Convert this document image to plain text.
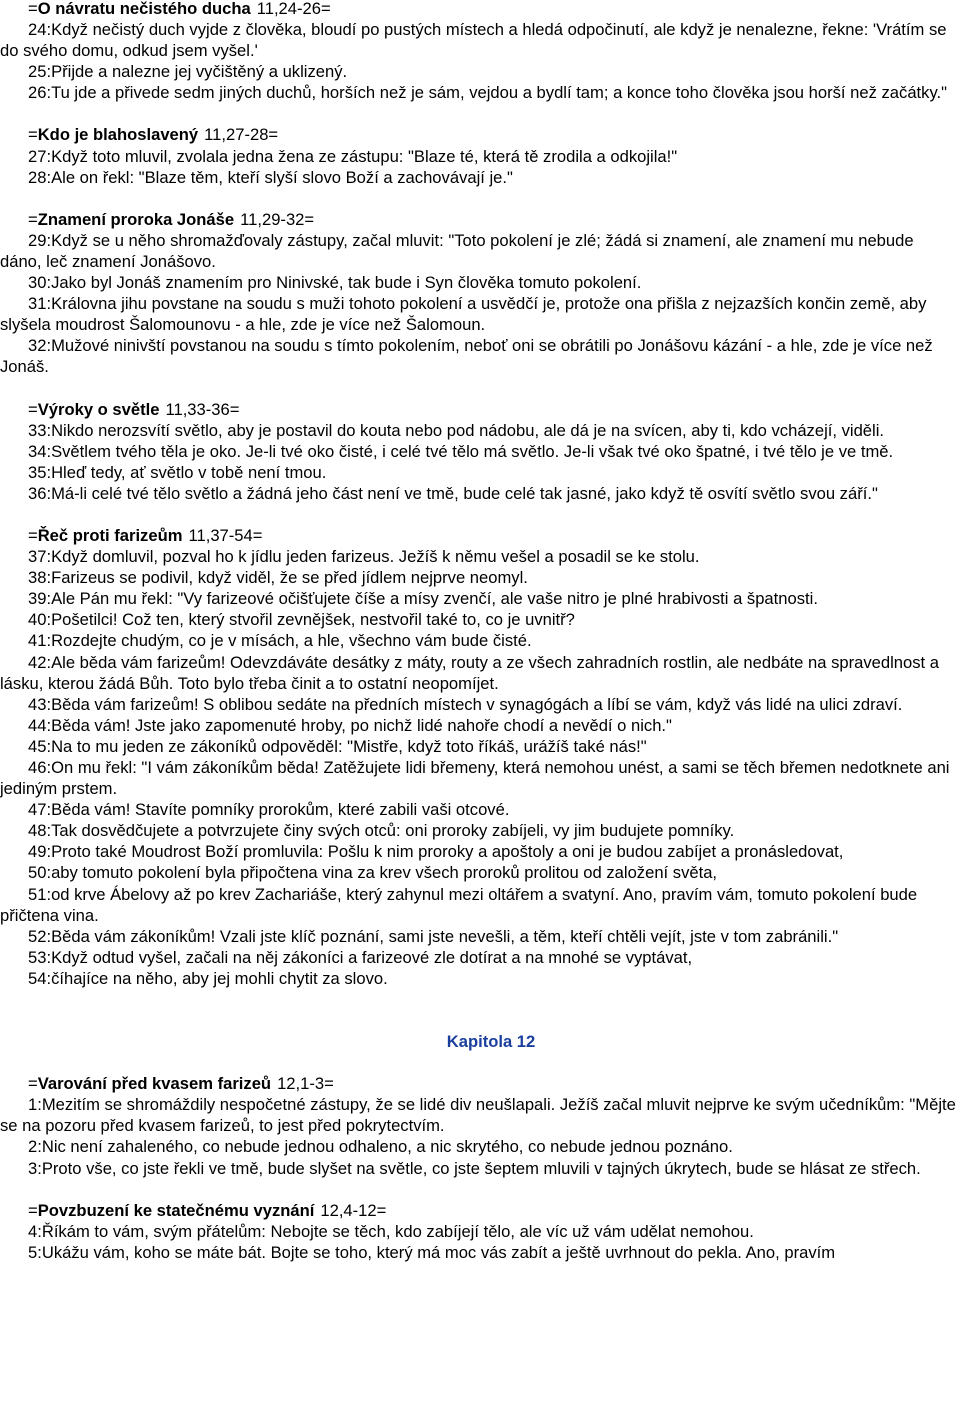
=O návratu nečistého ducha 11,24-26=

24:Když nečistý duch vyjde z člověka, bloudí po pustých místech a hledá odpočinutí, ale když je nenalezne, řekne: 'Vrátím se do svého domu, odkud jsem vyšel.'

25:Přijde a nalezne jej vyčištěný a uklizený.

26:Tu jde a přivede sedm jiných duchů, horších než je sám, vejdou a bydlí tam; a konce toho člověka jsou horší než začátky."

=Kdo je blahoslavený 11,27-28=

27:Když toto mluvil, zvolala jedna žena ze zástupu: "Blaze té, která tě zrodila a odkojila!"

28:Ale on řekl: "Blaze těm, kteří slyší slovo Boží a zachovávají je."

=Znamení proroka Jonáše 11,29-32=

29:Když se u něho shromažďovaly zástupy, začal mluvit: "Toto pokolení je zlé; žádá si znamení, ale znamení mu nebude dáno, leč znamení Jonášovo.

30:Jako byl Jonáš znamením pro Ninivské, tak bude i Syn člověka tomuto pokolení.

31:Královna jihu povstane na soudu s muži tohoto pokolení a usvědčí je, protože ona přišla z nejzazších končin země, aby slyšela moudrost Šalomounovu - a hle, zde je více než Šalomoun.

32:Mužové ninivští povstanou na soudu s tímto pokolením, neboť oni se obrátili po Jonášovu kázání - a hle, zde je více než Jonáš.

=Výroky o světle 11,33-36=

33:Nikdo nerozsvítí světlo, aby je postavil do kouta nebo pod nádobu, ale dá je na svícen, aby ti, kdo vcházejí, viděli.

34:Světlem tvého těla je oko. Je-li tvé oko čisté, i celé tvé tělo má světlo. Je-li však tvé oko špatné, i tvé tělo je ve tmě.

35:Hleď tedy, ať světlo v tobě není tmou.

36:Má-li celé tvé tělo světlo a žádná jeho část není ve tmě, bude celé tak jasné, jako když tě osvítí světlo svou září."

=Řeč proti farizeům 11,37-54=

37:Když domluvil, pozval ho k jídlu jeden farizeus. Ježíš k němu vešel a posadil se ke stolu.

38:Farizeus se podivil, když viděl, že se před jídlem nejprve neomyl.

39:Ale Pán mu řekl: "Vy farizeové očišťujete číše a mísy zvenčí, ale vaše nitro je plné hrabivosti a špatnosti.

40:Pošetilci! Což ten, který stvořil zevnějšek, nestvořil také to, co je uvnitř?

41:Rozdejte chudým, co je v mísách, a hle, všechno vám bude čisté.

42:Ale běda vám farizeům! Odevzdáváte desátky z máty, routy a ze všech zahradních rostlin, ale nedbáte na spravedlnost a lásku, kterou žádá Bůh. Toto bylo třeba činit a to ostatní neopomíjet.

43:Běda vám farizeům! S oblibou sedáte na předních místech v synagógách a líbí se vám, když vás lidé na ulici zdraví.

44:Běda vám! Jste jako zapomenuté hroby, po nichž lidé nahoře chodí a nevědí o nich."

45:Na to mu jeden ze zákoníků odpověděl: "Mistře, když toto říkáš, urážíš také nás!"

46:On mu řekl: "I vám zákoníkům běda! Zatěžujete lidi břemeny, která nemohou unést, a sami se těch břemen nedotknete ani jediným prstem.

47:Běda vám! Stavíte pomníky prorokům, které zabili vaši otcové.

48:Tak dosvědčujete a potvrzujete činy svých otců: oni proroky zabíjeli, vy jim budujete pomníky.

49:Proto také Moudrost Boží promluvila: Pošlu k nim proroky a apoštoly a oni je budou zabíjet a pronásledovat,

50:aby tomuto pokolení byla připočtena vina za krev všech proroků prolitou od založení světa,

51:od krve Ábelovy až po krev Zachariáše, který zahynul mezi oltářem a svatyní. Ano, pravím vám, tomuto pokolení bude přičtena vina.

52:Běda vám zákoníkům! Vzali jste klíč poznání, sami jste nevešli, a těm, kteří chtěli vejít, jste v tom zabránili."

53:Když odtud vyšel, začali na něj zákoníci a farizeové zle dotírat a na mnohé se vyptávat,

54:číhajíce na něho, aby jej mohli chytit za slovo.

Kapitola 12

=Varování před kvasem farizeů 12,1-3=

1:Mezitím se shromáždily nespočetné zástupy, že se lidé div neušlapali. Ježíš začal mluvit nejprve ke svým učedníkům: "Mějte se na pozoru před kvasem farizeů, to jest před pokrytectvím.

2:Nic není zahaleného, co nebude jednou odhaleno, a nic skrytého, co nebude jednou poznáno.

3:Proto vše, co jste řekli ve tmě, bude slyšet na světle, co jste šeptem mluvili v tajných úkrytech, bude se hlásat ze střech.

=Povzbuzení ke statečnému vyznání 12,4-12=

4:Říkám to vám, svým přátelům: Nebojte se těch, kdo zabíjejí tělo, ale víc už vám udělat nemohou.

5:Ukážu vám, koho se máte bát. Bojte se toho, který má moc vás zabít a ještě uvrhnout do pekla. Ano, pravím
